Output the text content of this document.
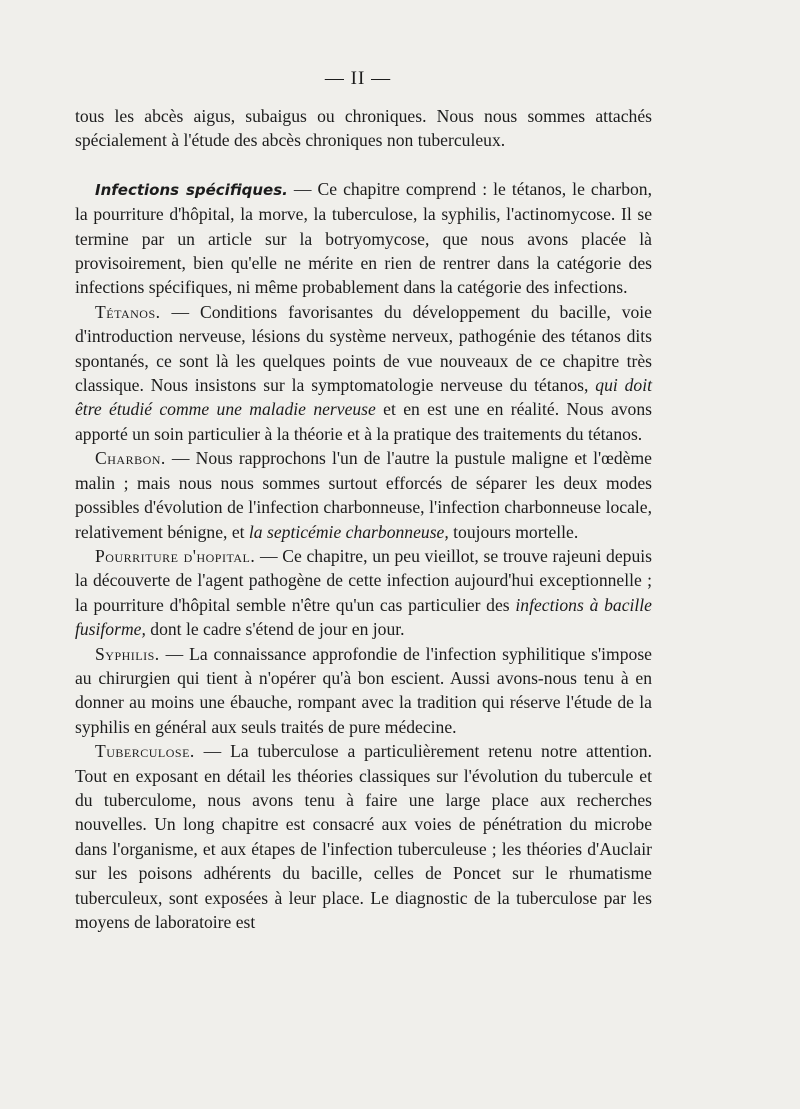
— II —

tous les abcès aigus, subaigus ou chroniques. Nous nous sommes attachés spécialement à l'étude des abcès chroniques non tuberculeux.

Infections spécifiques. — Ce chapitre comprend : le tétanos, le charbon, la pourriture d'hôpital, la morve, la tuberculose, la syphilis, l'actinomycose. Il se termine par un article sur la botryomycose, que nous avons placée là provisoirement, bien qu'elle ne mérite en rien de rentrer dans la catégorie des infections spécifiques, ni même probablement dans la catégorie des infections.

Tétanos. — Conditions favorisantes du développement du bacille, voie d'introduction nerveuse, lésions du système nerveux, pathogénie des tétanos dits spontanés, ce sont là les quelques points de vue nouveaux de ce chapitre très classique. Nous insistons sur la symptomatologie nerveuse du tétanos, qui doit être étudié comme une maladie nerveuse et en est une en réalité. Nous avons apporté un soin particulier à la théorie et à la pratique des traitements du tétanos.

Charbon. — Nous rapprochons l'un de l'autre la pustule maligne et l'œdème malin ; mais nous nous sommes surtout efforcés de séparer les deux modes possibles d'évolution de l'infection charbonneuse, l'infection charbonneuse locale, relativement bénigne, et la septicémie charbonneuse, toujours mortelle.

Pourriture d'hopital. — Ce chapitre, un peu vieillot, se trouve rajeuni depuis la découverte de l'agent pathogène de cette infection aujourd'hui exceptionnelle ; la pourriture d'hôpital semble n'être qu'un cas particulier des infections à bacille fusiforme, dont le cadre s'étend de jour en jour.

Syphilis. — La connaissance approfondie de l'infection syphilitique s'impose au chirurgien qui tient à n'opérer qu'à bon escient. Aussi avons-nous tenu à en donner au moins une ébauche, rompant avec la tradition qui réserve l'étude de la syphilis en général aux seuls traités de pure médecine.

Tuberculose. — La tuberculose a particulièrement retenu notre attention. Tout en exposant en détail les théories classiques sur l'évolution du tubercule et du tuberculome, nous avons tenu à faire une large place aux recherches nouvelles. Un long chapitre est consacré aux voies de pénétration du microbe dans l'organisme, et aux étapes de l'infection tuberculeuse ; les théories d'Auclair sur les poisons adhérents du bacille, celles de Poncet sur le rhumatisme tuberculeux, sont exposées à leur place. Le diagnostic de la tuberculose par les moyens de laboratoire est
